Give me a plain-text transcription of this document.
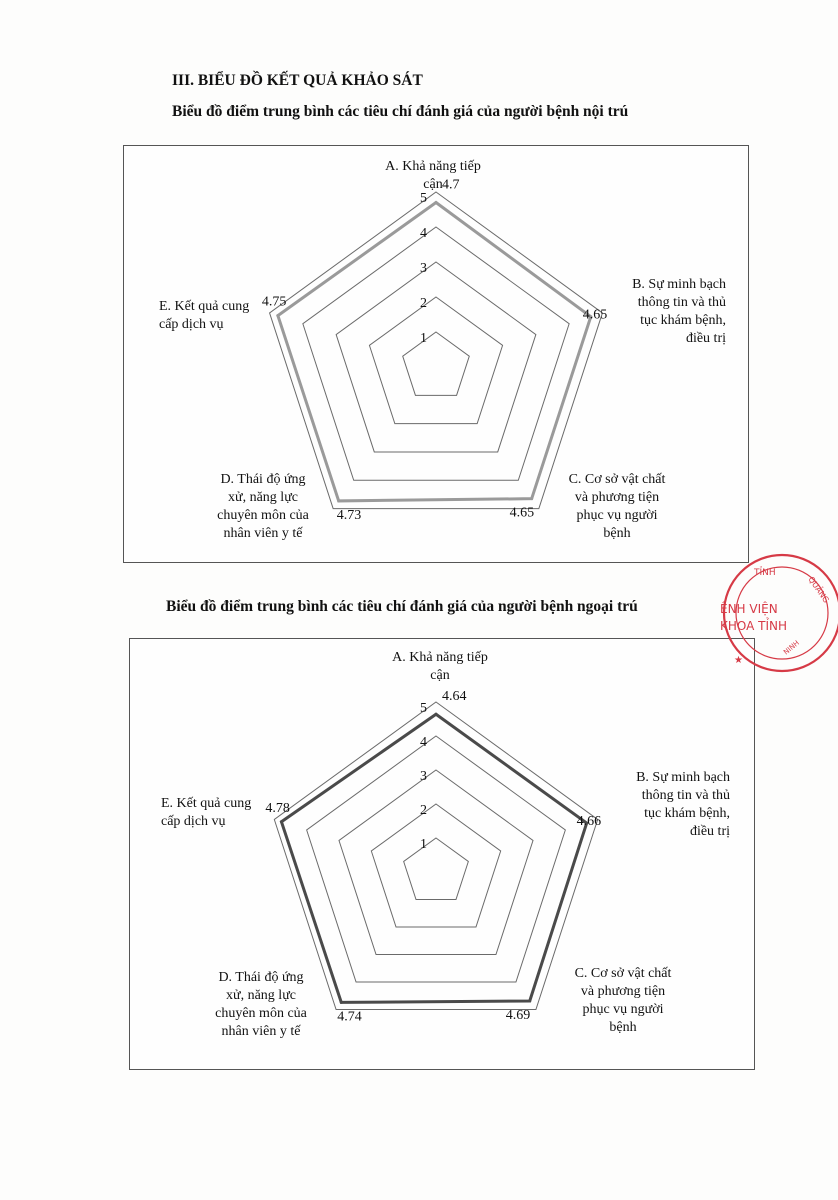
III. BIỂU ĐỒ KẾT QUẢ KHẢO SÁT
Biểu đồ điểm trung bình các tiêu chí đánh giá của người bệnh nội trú
1
2
3
4
5
4.7
4.65
4.65
4.73
4.75
A. Khả năng tiếp
cận
B. Sự minh bạch
thông tin và thủ
tục khám bệnh,
điều trị
C. Cơ sở vật chất
và phương tiện
phục vụ người
bệnh
D. Thái độ ứng
xử, năng lực
chuyên môn của
nhân viên y tế
E. Kết quả cung
cấp dịch vụ
Biểu đồ điểm trung bình các tiêu chí đánh giá của người bệnh ngoại trú
1
2
3
4
5
4.64
4.66
4.69
4.74
4.78
A. Khả năng tiếp
cận
B. Sự minh bạch
thông tin và thủ
tục khám bệnh,
điều trị
C. Cơ sở vật chất
và phương tiện
phục vụ người
bệnh
D. Thái độ ứng
xử, năng lực
chuyên môn của
nhân viên y tế
E. Kết quả cung
cấp dịch vụ
TỈNH
QUẢNG
ỆNH VIỆN
KHOA TỈNH
NINH
★
